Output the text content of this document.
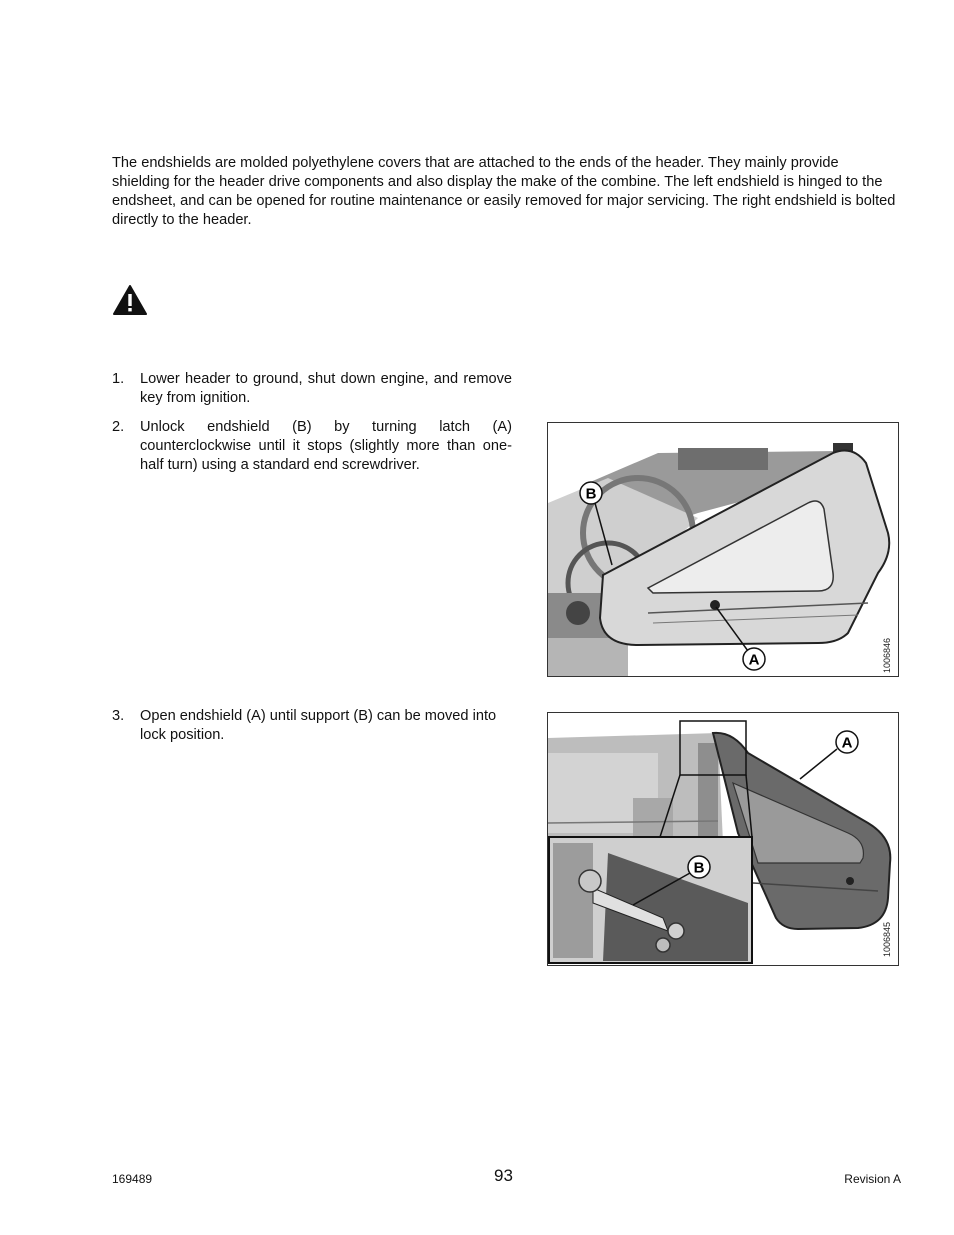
The endshields are molded polyethylene covers that are attached to the ends of the header. They mainly provide shielding for the header drive components and also display the make of the combine. The left endshield is hinged to the endsheet, and can be opened for routine maintenance or easily removed for major servicing. The right endshield is bolted directly to the header.

1. Lower header to ground, shut down engine, and remove key from ignition.
2. Unlock endshield (B) by turning latch (A) counterclockwise until it stops (slightly more than one-half turn) using a standard end screwdriver.
3. Open endshield (A) until support (B) can be moved into lock position.
B
A	1006846
A
B
1006845
169489	93	Revision A
